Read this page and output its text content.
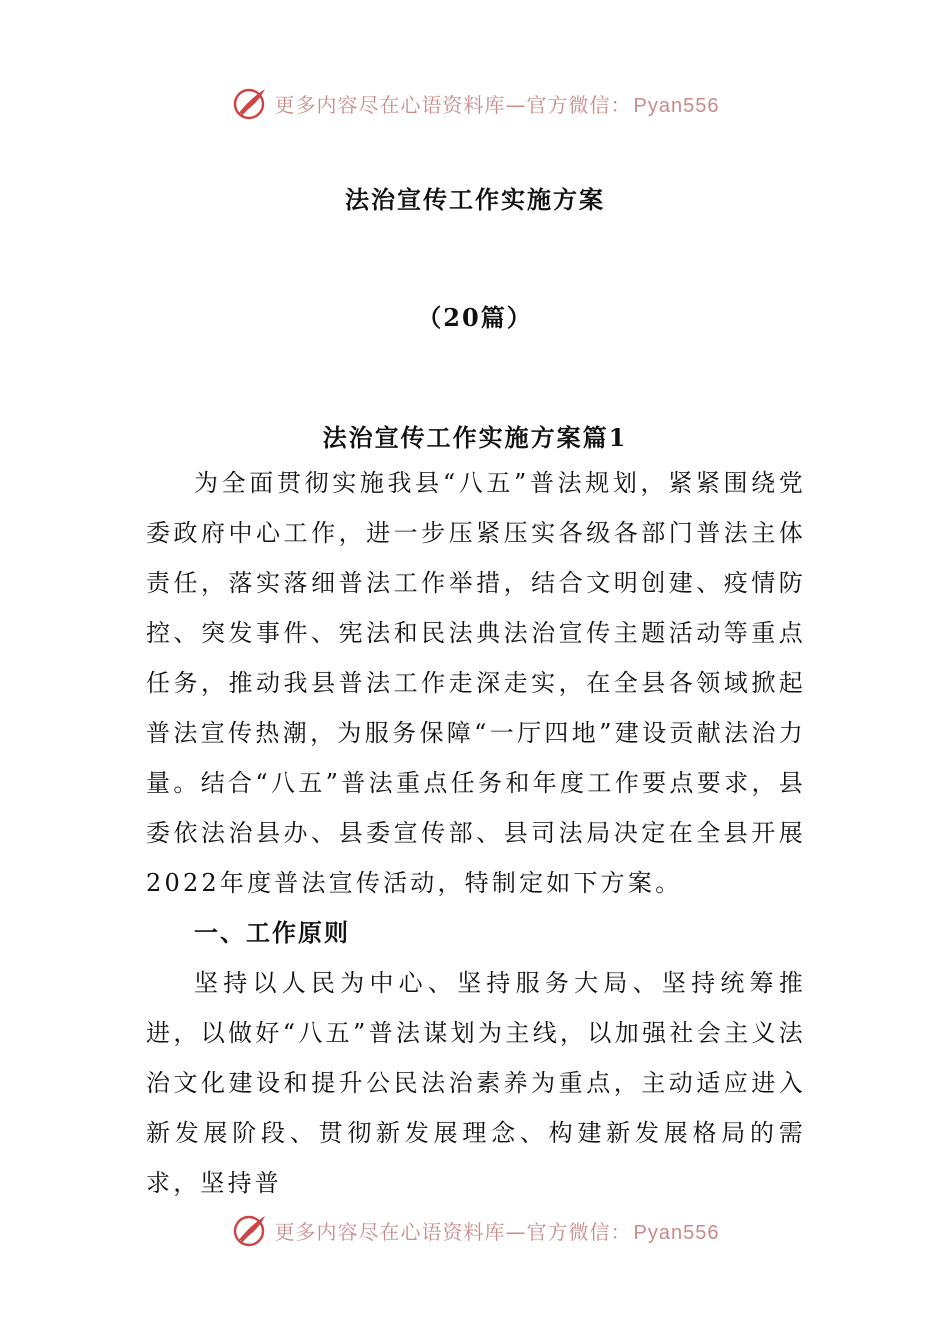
更多内容尽在心语资料库—官方微信： Pyan556
法治宣传工作实施方案
（20篇）
法治宣传工作实施方案篇1

为全面贯彻实施我县“八五”普法规划，紧紧围绕党委政府中心工作，进一步压紧压实各级各部门普法主体责任，落实落细普法工作举措，结合文明创建、疫情防控、突发事件、宪法和民法典法治宣传主题活动等重点任务，推动我县普法工作走深走实，在全县各领域掀起普法宣传热潮，为服务保障“一厅四地”建设贡献法治力量。结合“八五”普法重点任务和年度工作要点要求，县委依法治县办、县委宣传部、县司法局决定在全县开展2022年度普法宣传活动，特制定如下方案。

一、工作原则

坚持以人民为中心、坚持服务大局、坚持统筹推进，以做好“八五”普法谋划为主线，以加强社会主义法治文化建设和提升公民法治素养为重点，主动适应进入新发展阶段、贯彻新发展理念、构建新发展格局的需求，坚持普

更多内容尽在心语资料库—官方微信： Pyan556
